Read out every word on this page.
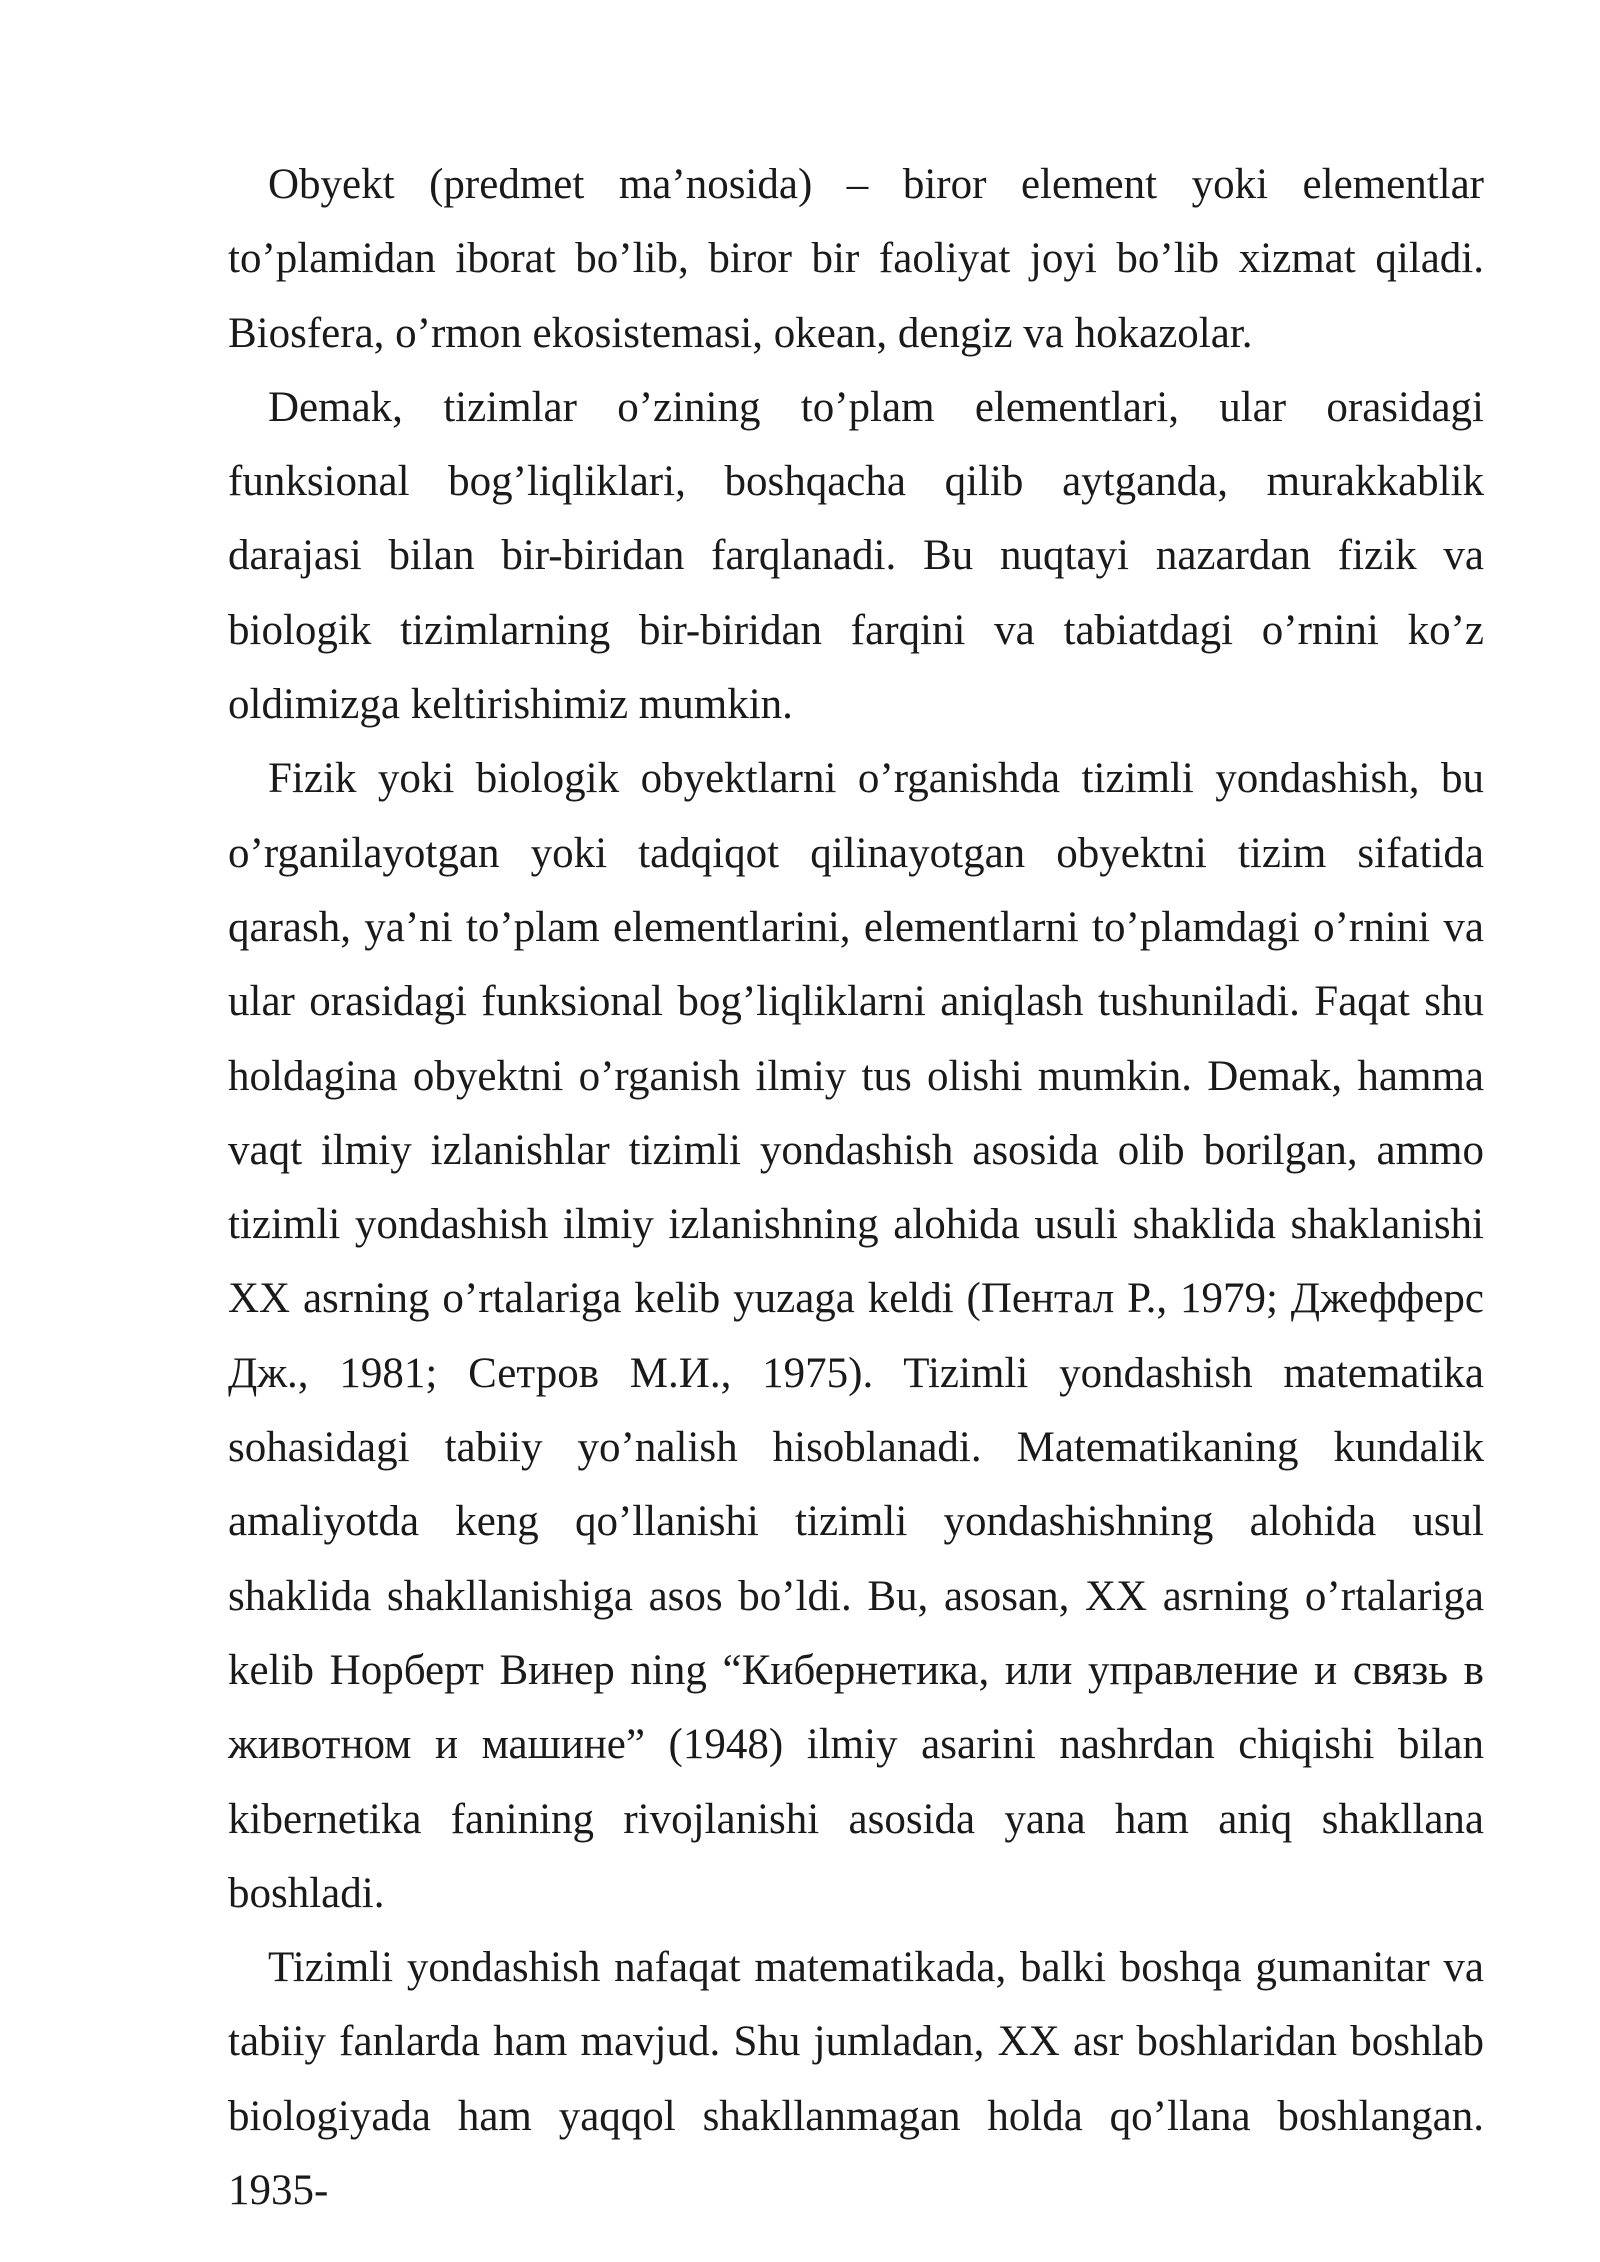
Obyekt (predmet ma’nosida) – biror element yoki elementlar to’plamidan iborat bo’lib, biror bir faoliyat joyi bo’lib xizmat qiladi. Biosfera, o’rmon ekosistemasi, okean, dengiz va hokazolar.

Demak, tizimlar o’zining to’plam elementlari, ular orasidagi funksional bog’liqliklari, boshqacha qilib aytganda, murakkablik darajasi bilan bir-biridan farqlanadi. Bu nuqtayi nazardan fizik va biologik tizimlarning bir-biridan farqini va tabiatdagi o’rnini ko’z oldimizga keltirishimiz mumkin.

Fizik yoki biologik obyektlarni o’rganishda tizimli yondashish, bu o’rganilayotgan yoki tadqiqot qilinayotgan obyektni tizim sifatida qarash, ya’ni to’plam elementlarini, elementlarni to’plamdagi o’rnini va ular orasidagi funksional bog’liqliklarni aniqlash tushuniladi. Faqat shu holdagina obyektni o’rganish ilmiy tus olishi mumkin. Demak, hamma vaqt ilmiy izlanishlar tizimli yondashish asosida olib borilgan, ammo tizimli yondashish ilmiy izlanishning alohida usuli shaklida shaklanishi XX asrning o’rtalariga kelib yuzaga keldi (Пентал Р., 1979; Джефферс Дж., 1981; Сетров М.И., 1975). Tizimli yondashish matematika sohasidagi tabiiy yo’nalish hisoblanadi. Matematikaning kundalik amaliyotda keng qo’llanishi tizimli yondashishning alohida usul shaklida shakllanishiga asos bo’ldi. Bu, asosan, XX asrning o’rtalariga kelib Норберт Винер ning “Кибернетика, или управление и связь в животном и машине” (1948) ilmiy asarini nashrdan chiqishi bilan kibernetika fanining rivojlanishi asosida yana ham aniq shakllana boshladi.

Tizimli yondashish nafaqat matematikada, balki boshqa gumanitar va tabiiy fanlarda ham mavjud. Shu jumladan, XX asr boshlaridan boshlab biologiyada ham yaqqol shakllanmagan holda qo’llana boshlangan. 1935-
